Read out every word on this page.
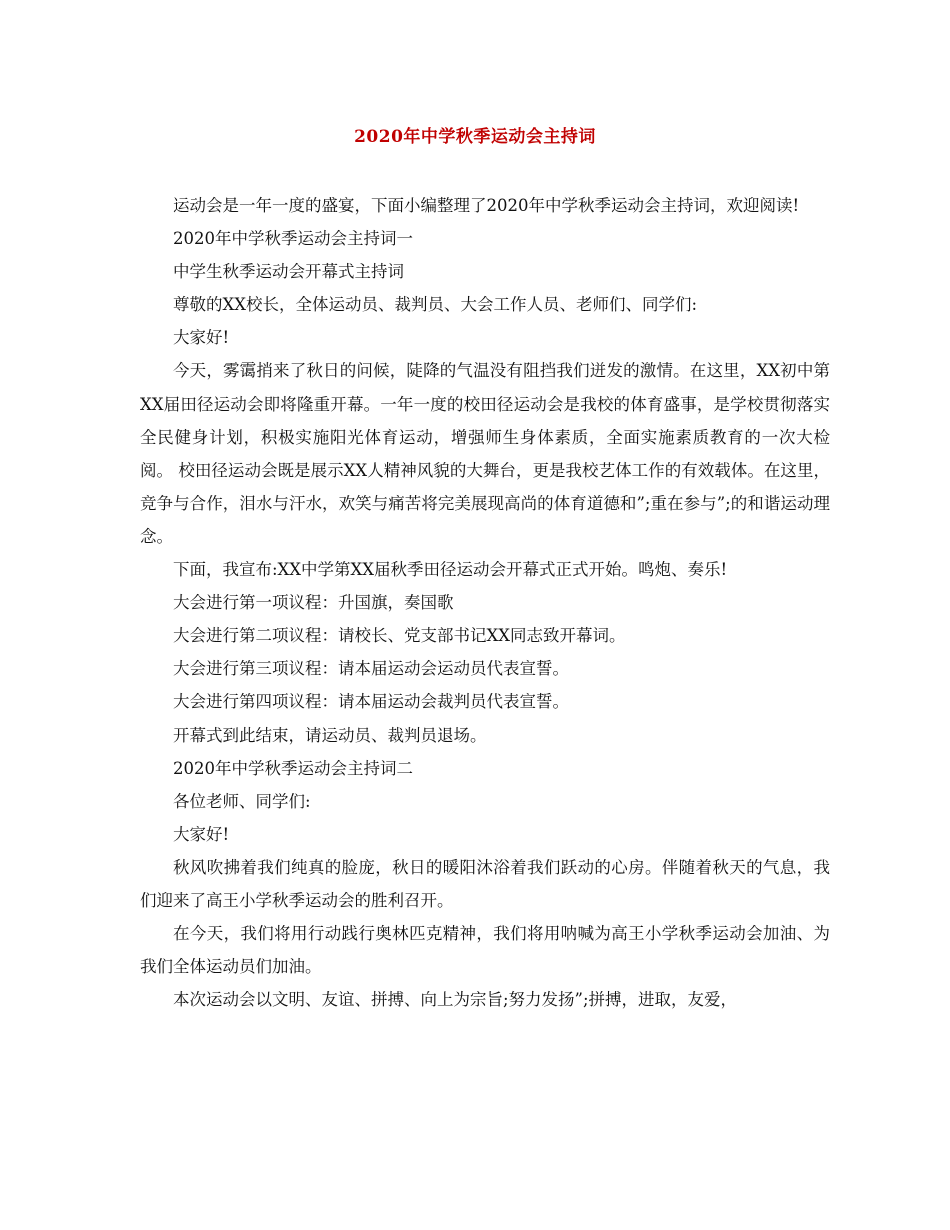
2020年中学秋季运动会主持词

运动会是一年一度的盛宴，下面小编整理了2020年中学秋季运动会主持词，欢迎阅读!

2020年中学秋季运动会主持词一

中学生秋季运动会开幕式主持词

尊敬的XX校长，全体运动员、裁判员、大会工作人员、老师们、同学们:

大家好!

今天，雾霭捎来了秋日的问候，陡降的气温没有阻挡我们迸发的激情。在这里，XX初中第XX届田径运动会即将隆重开幕。一年一度的校田径运动会是我校的体育盛事，是学校贯彻落实全民健身计划，积极实施阳光体育运动，增强师生身体素质，全面实施素质教育的一次大检阅。 校田径运动会既是展示XX人精神风貌的大舞台，更是我校艺体工作的有效载体。在这里，竞争与合作，泪水与汗水，欢笑与痛苦将完美展现高尚的体育道德和”;重在参与”;的和谐运动理念。

下面，我宣布:XX中学第XX届秋季田径运动会开幕式正式开始。鸣炮、奏乐!

大会进行第一项议程：升国旗，奏国歌

大会进行第二项议程：请校长、党支部书记XX同志致开幕词。

大会进行第三项议程：请本届运动会运动员代表宣誓。

大会进行第四项议程：请本届运动会裁判员代表宣誓。

开幕式到此结束，请运动员、裁判员退场。

2020年中学秋季运动会主持词二

各位老师、同学们:

大家好!

秋风吹拂着我们纯真的脸庞，秋日的暖阳沐浴着我们跃动的心房。伴随着秋天的气息，我们迎来了高王小学秋季运动会的胜利召开。

在今天，我们将用行动践行奥林匹克精神，我们将用呐喊为高王小学秋季运动会加油、为我们全体运动员们加油。

本次运动会以文明、友谊、拼搏、向上为宗旨;努力发扬”;拼搏，进取，友爱，
